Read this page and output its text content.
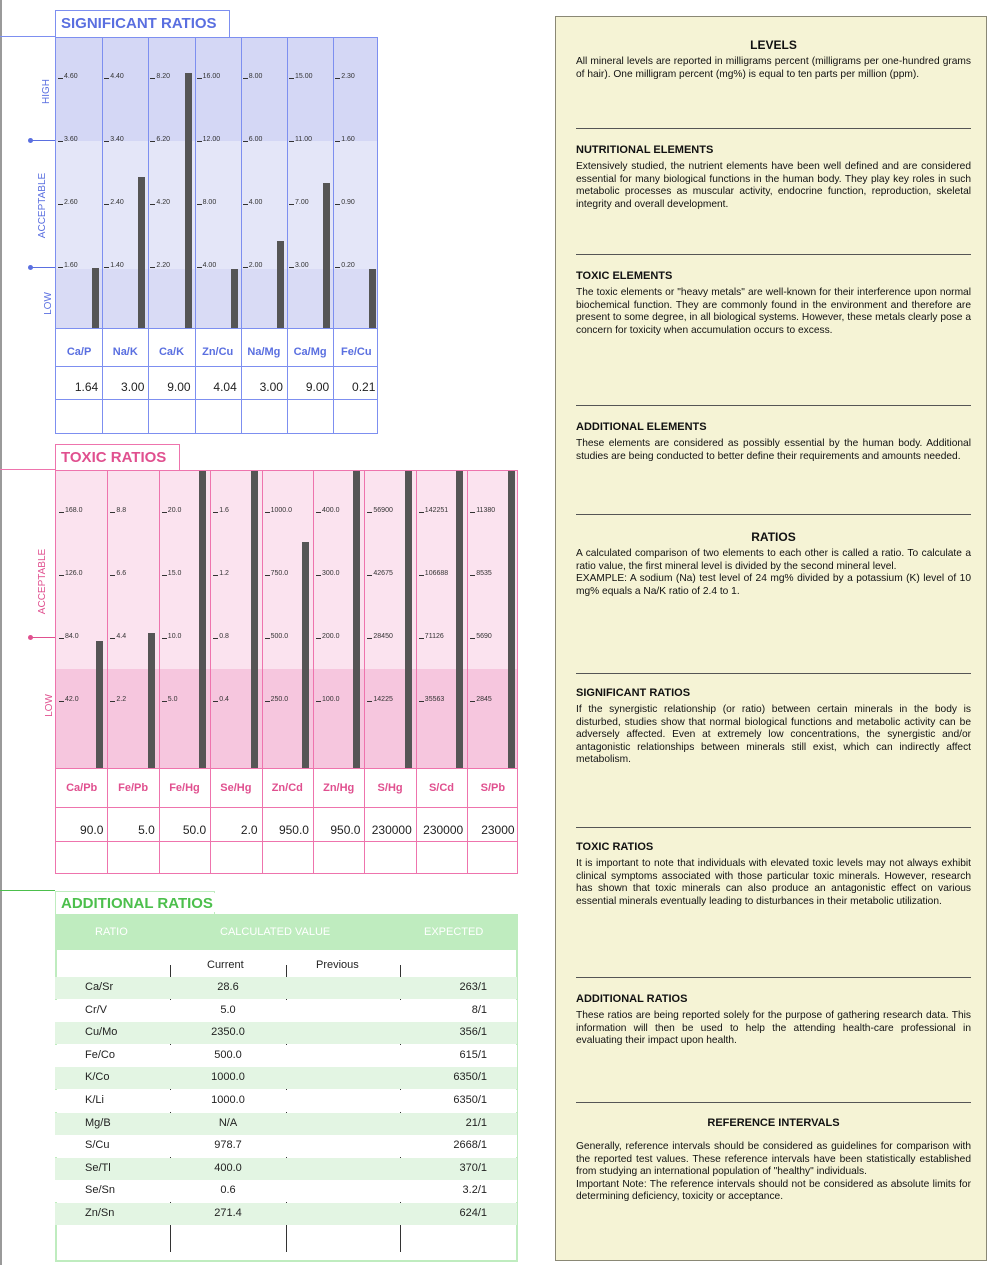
SIGNIFICANT RATIOS
HIGH
ACCEPTABLE
LOW
4.60
3.60
2.60
1.60
Ca/P
1.64
4.40
3.40
2.40
1.40
Na/K
3.00
8.20
6.20
4.20
2.20
Ca/K
9.00
16.00
12.00
8.00
4.00
Zn/Cu
4.04
8.00
6.00
4.00
2.00
Na/Mg
3.00
15.00
11.00
7.00
3.00
Ca/Mg
9.00
2.30
1.60
0.90
0.20
Fe/Cu
0.21
TOXIC RATIOS
ACCEPTABLE
LOW
168.0
126.0
84.0
42.0
Ca/Pb
90.0
8.8
6.6
4.4
2.2
Fe/Pb
5.0
20.0
15.0
10.0
5.0
Fe/Hg
50.0
1.6
1.2
0.8
0.4
Se/Hg
2.0
1000.0
750.0
500.0
250.0
Zn/Cd
950.0
400.0
300.0
200.0
100.0
Zn/Hg
950.0
56900
42675
28450
14225
S/Hg
230000
142251
106688
71126
35563
S/Cd
230000
11380
8535
5690
2845
S/Pb
23000
ADDITIONAL RATIOS
RATIO	CALCULATED VALUE	EXPECTED
Current	Previous
Ca/Sr	28.6	263/1
Cr/V	5.0	8/1
Cu/Mo	2350.0	356/1
Fe/Co	500.0	615/1
K/Co	1000.0	6350/1
K/Li	1000.0	6350/1
Mg/B	N/A	21/1
S/Cu	978.7	2668/1
Se/Tl	400.0	370/1
Se/Sn	0.6	3.2/1
Zn/Sn	271.4	624/1
LEVELS
All mineral levels are reported in milligrams percent (milligrams per one-hundred grams of hair). One milligram percent (mg%) is equal to ten parts per million (ppm).
NUTRITIONAL ELEMENTS
Extensively studied, the nutrient elements have been well defined and are considered essential for many biological functions in the human body. They play key roles in such metabolic processes as muscular activity, endocrine function, reproduction, skeletal integrity and overall development.
TOXIC ELEMENTS
The toxic elements or "heavy metals" are well-known for their interference upon normal biochemical function. They are commonly found in the environment and therefore are present to some degree, in all biological systems. However, these metals clearly pose a concern for toxicity when accumulation occurs to excess.
ADDITIONAL ELEMENTS
These elements are considered as possibly essential by the human body. Additional studies are being conducted to better define their requirements and amounts needed.
RATIOS
A calculated comparison of two elements to each other is called a ratio. To calculate a ratio value, the first mineral level is divided by the second mineral level.
EXAMPLE: A sodium (Na) test level of 24 mg% divided by a potassium (K) level of 10 mg% equals a Na/K ratio of 2.4 to 1.
SIGNIFICANT RATIOS
If the synergistic relationship (or ratio) between certain minerals in the body is disturbed, studies show that normal biological functions and metabolic activity can be adversely affected. Even at extremely low concentrations, the synergistic and/or antagonistic relationships between minerals still exist, which can indirectly affect metabolism.
TOXIC RATIOS
It is important to note that individuals with elevated toxic levels may not always exhibit clinical symptoms associated with those particular toxic minerals. However, research has shown that toxic minerals can also produce an antagonistic effect on various essential minerals eventually leading to disturbances in their metabolic utilization.
ADDITIONAL RATIOS
These ratios are being reported solely for the purpose of gathering research data. This information will then be used to help the attending health-care professional in evaluating their impact upon health.
REFERENCE INTERVALS
Generally, reference intervals should be considered as guidelines for comparison with the reported test values. These reference intervals have been statistically established from studying an international population of "healthy" individuals.
Important Note: The reference intervals should not be considered as absolute limits for determining deficiency, toxicity or acceptance.
